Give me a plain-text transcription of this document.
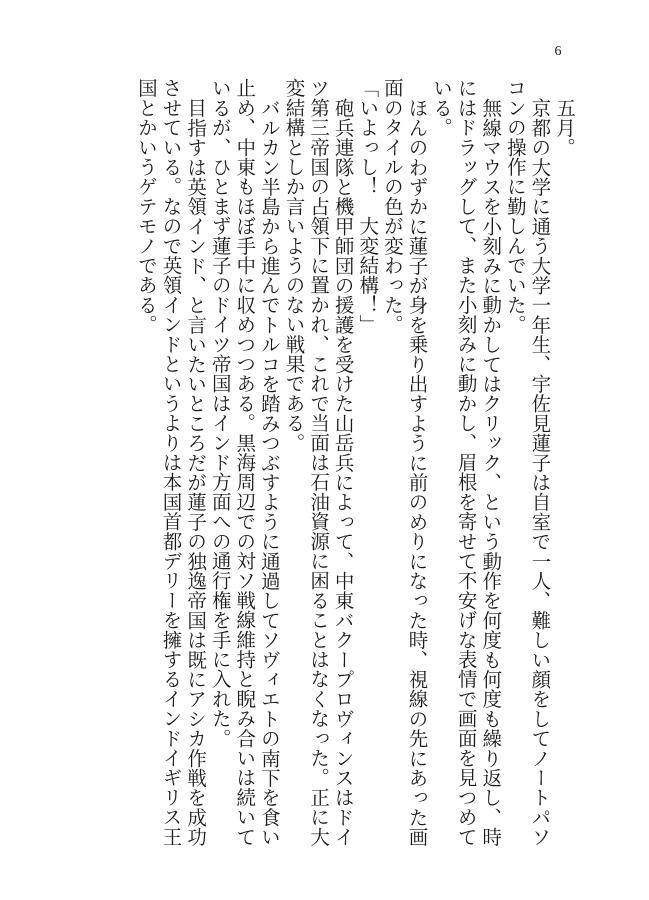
6

五月。

京都の大学に通う大学一年生、宇佐見蓮子は自室で一人、難しい顔をしてノートパソコンの操作に勤しんでいた。

無線マウスを小刻みに動かしてはクリック、という動作を何度も何度も繰り返し、時にはドラッグして、また小刻みに動かし、眉根を寄せて不安げな表情で画面を見つめている。

ほんのわずかに蓮子が身を乗り出すように前のめりになった時、視線の先にあった画面のタイルの色が変わった。

「いよっし！　大変結構！」

砲兵連隊と機甲師団の援護を受けた山岳兵によって、中東バクープロヴィンスはドイツ第三帝国の占領下に置かれ、これで当面は石油資源に困ることはなくなった。正に大変結構としか言いようのない戦果である。

バルカン半島から進んでトルコを踏みつぶすように通過してソヴィエトの南下を食い止め、中東もほぼ手中に収めつつある。黒海周辺での対ソ戦線維持と睨み合いは続いているが、ひとまず蓮子のドイツ帝国はインド方面への通行権を手に入れた。

目指すは英領インド、と言いたいところだが蓮子の独逸帝国は既にアシカ作戦を成功させている。なので英領インドというよりは本国首都デリーを擁するインドイギリス王国とかいうゲテモノである。
